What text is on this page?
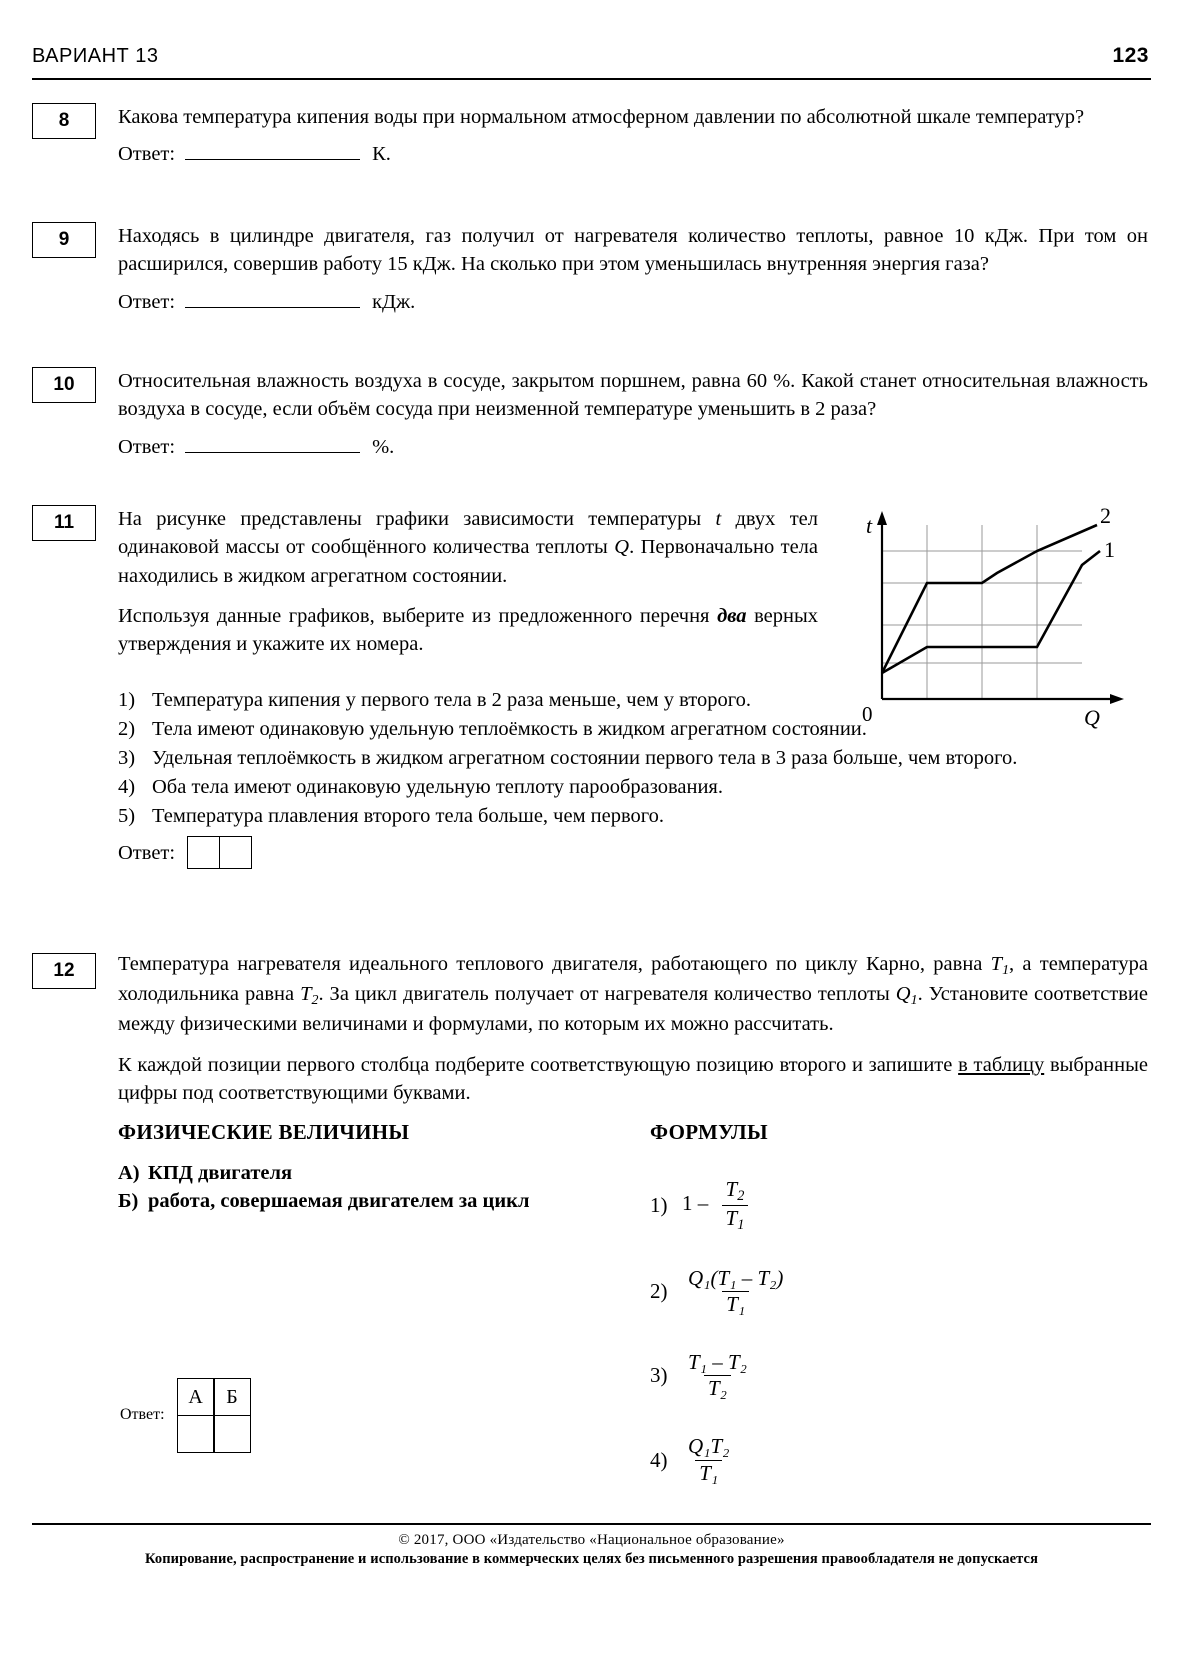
ВАРИАНТ 13	123
8	Какова температура кипения воды при нормальном атмосферном давлении по абсолютной шкале температур?

Ответ:	К.
9	Находясь в цилиндре двигателя, газ получил от нагревателя количество теплоты, равное 10 кДж. При том он расширился, совершив работу 15 кДж. На сколько при этом уменьшилась внутренняя энергия газа?

Ответ:	кДж.
10	Относительная влажность воздуха в сосуде, закрытом поршнем, равна 60 %. Какой станет относительная влажность воздуха в сосуде, если объём сосуда при неизменной температуре уменьшить в 2 раза?

Ответ:	%.
11	На рисунке представлены графики зависимости температуры t двух тел одинаковой массы от сообщённого количества теплоты Q. Первоначально тела находились в жидком агрегатном состоянии.

Используя данные графиков, выберите из предложенного перечня два верных утверждения и укажите их номера.

1) Температура кипения у первого тела в 2 раза меньше, чем у второго.
2) Тела имеют одинаковую удельную теплоёмкость в жидком агрегатном состоянии.
3) Удельная теплоёмкость в жидком агрегатном состоянии первого тела в 3 раза больше, чем второго.
4) Оба тела имеют одинаковую удельную теплоту парообразования.
5) Температура плавления второго тела больше, чем первого.
Ответ:
t
Q
0
2
1
12	Температура нагревателя идеального теплового двигателя, работающего по циклу Карно, равна $T_1$, а температура холодильника равна $T_2$. За цикл двигатель получает от нагревателя количество теплоты $Q_1$. Установите соответствие между физическими величинами и формулами, по которым их можно рассчитать.

К каждой позиции первого столбца подберите соответствующую позицию второго и запишите в таблицу выбранные цифры под соответствующими буквами.

ФИЗИЧЕСКИЕ ВЕЛИЧИНЫ	ФОРМУЛЫ
А) КПД двигателя
Б) работа, совершаемая двигателем за цикл	1) $1 - \frac{T_2}{T_1}$
$2) \frac{\text{Q₁(T₁ – T₂)}}{\text{T₁}}$
$3) \frac{\text{T₁ – T₂}}{\text{T₂}}$
$4) \frac{\text{Q₁T₂}}{\text{T₁}}$
Ответ:
А	Б
© 2017, ООО «Издательство «Национальное образование»
Копирование, распространение и использование в коммерческих целях без письменного разрешения правообладателя не допускается
